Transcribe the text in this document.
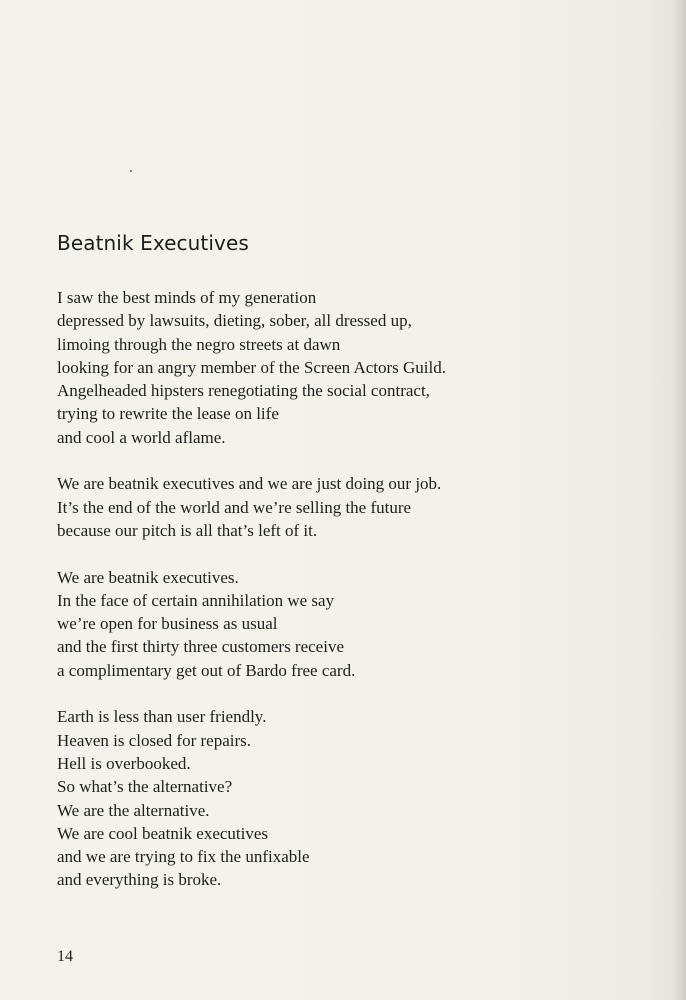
Beatnik Executives

I saw the best minds of my generation
depressed by lawsuits, dieting, sober, all dressed up,
limoing through the negro streets at dawn
looking for an angry member of the Screen Actors Guild.
Angelheaded hipsters renegotiating the social contract,
trying to rewrite the lease on life
and cool a world aflame.

We are beatnik executives and we are just doing our job.
It’s the end of the world and we’re selling the future
because our pitch is all that’s left of it.

We are beatnik executives.
In the face of certain annihilation we say
we’re open for business as usual
and the first thirty three customers receive
a complimentary get out of Bardo free card.

Earth is less than user friendly.
Heaven is closed for repairs.
Hell is overbooked.
So what’s the alternative?
We are the alternative.
We are cool beatnik executives
and we are trying to fix the unfixable
and everything is broke.

14
